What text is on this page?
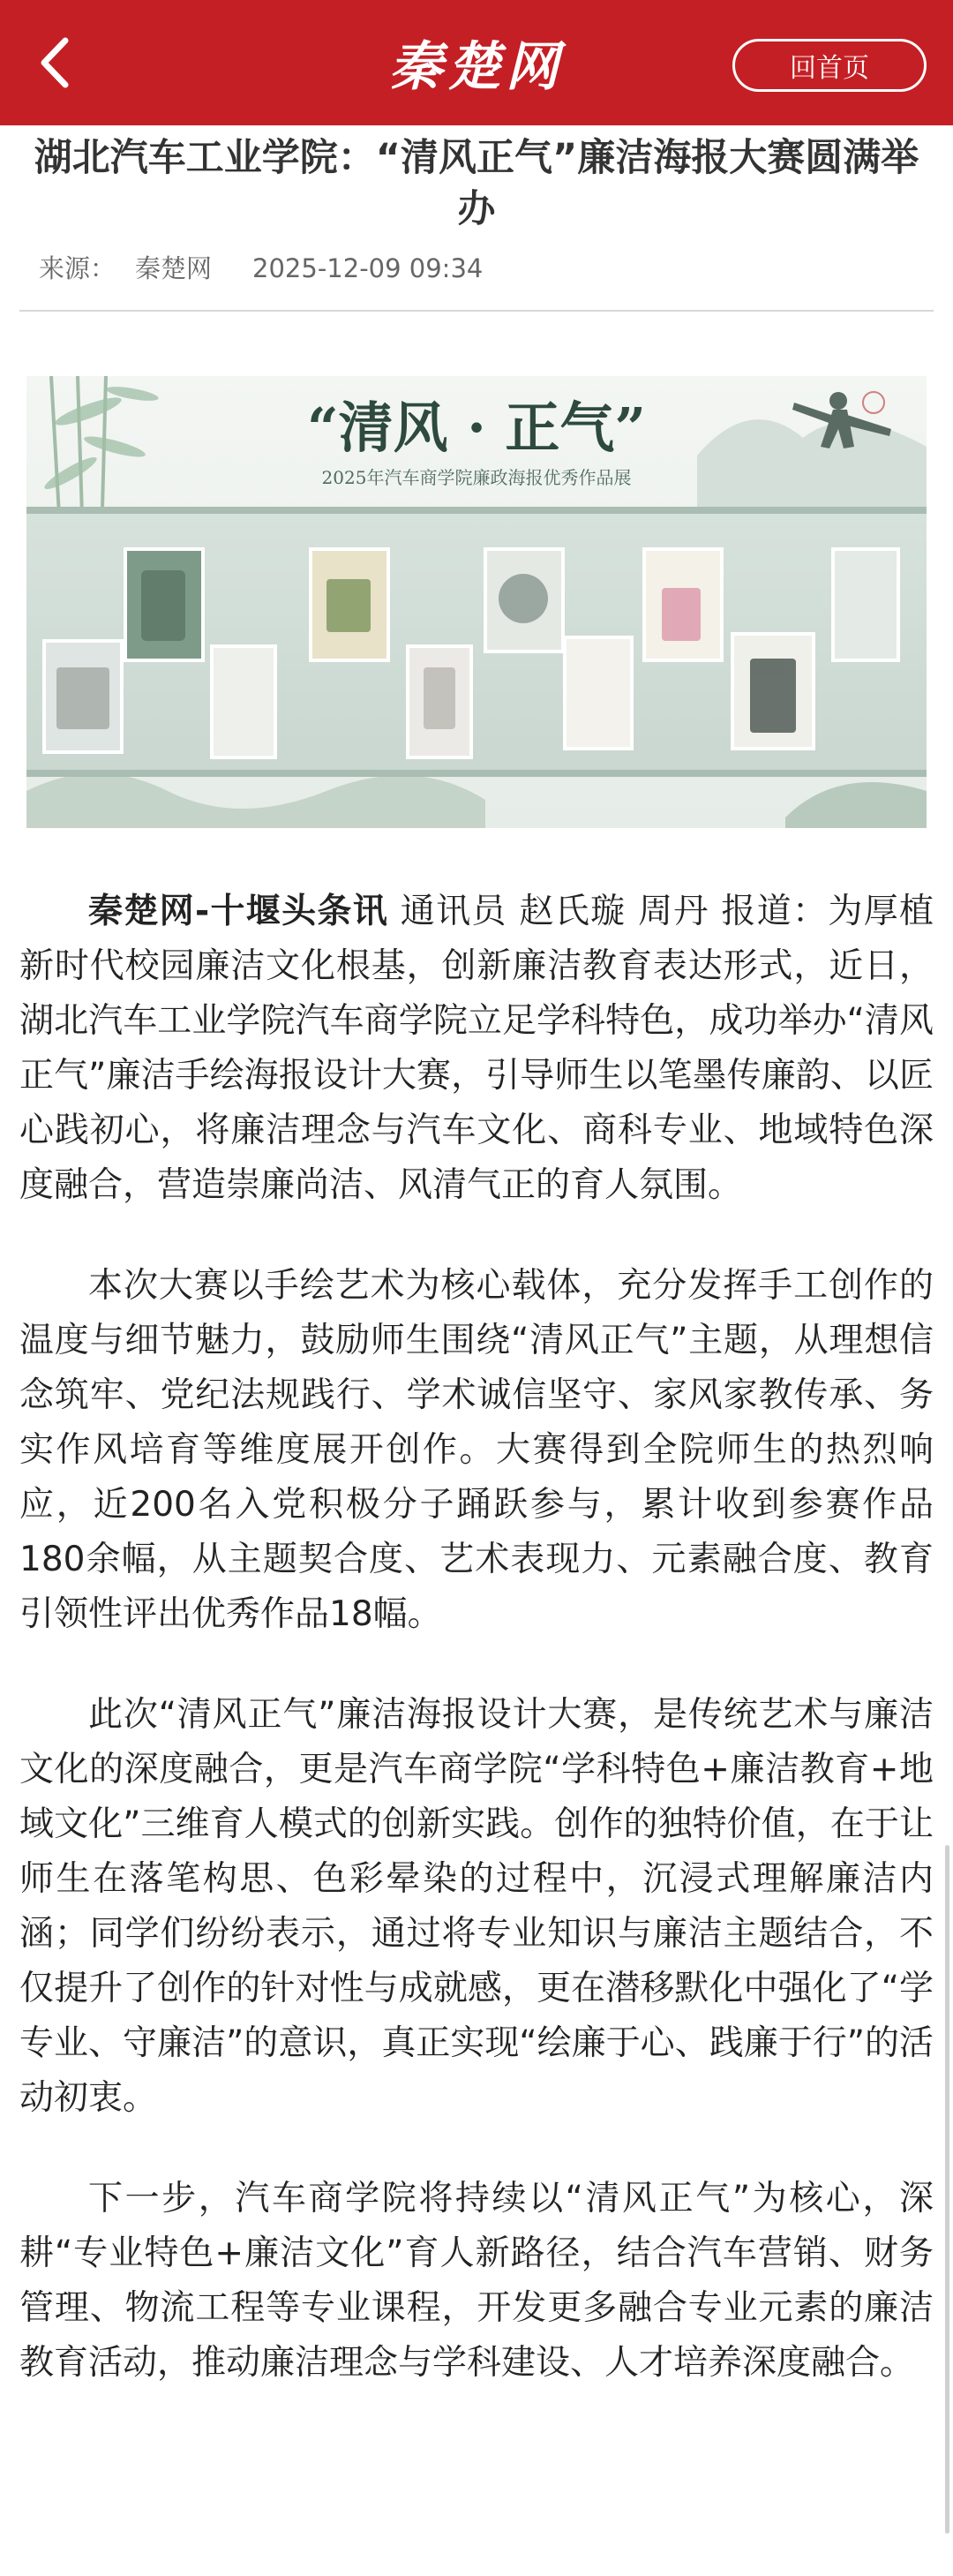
秦楚网	回首页
湖北汽车工业学院：“清风正气”廉洁海报大赛圆满举办
来源： 秦楚网 2025-12-09 09:34
“清风 · 正气”
2025年汽车商学院廉政海报优秀作品展

秦楚网-十堰头条讯 通讯员 赵氏璇 周丹 报道：为厚植新时代校园廉洁文化根基，创新廉洁教育表达形式，近日，湖北汽车工业学院汽车商学院立足学科特色，成功举办“清风正气”廉洁手绘海报设计大赛，引导师生以笔墨传廉韵、以匠心践初心，将廉洁理念与汽车文化、商科专业、地域特色深度融合，营造崇廉尚洁、风清气正的育人氛围。

本次大赛以手绘艺术为核心载体，充分发挥手工创作的温度与细节魅力，鼓励师生围绕“清风正气”主题，从理想信念筑牢、党纪法规践行、学术诚信坚守、家风家教传承、务实作风培育等维度展开创作。大赛得到全院师生的热烈响应，近200名入党积极分子踊跃参与，累计收到参赛作品180余幅，从主题契合度、艺术表现力、元素融合度、教育引领性评出优秀作品18幅。

此次“清风正气”廉洁海报设计大赛，是传统艺术与廉洁文化的深度融合，更是汽车商学院“学科特色+廉洁教育+地域文化”三维育人模式的创新实践。创作的独特价值，在于让师生在落笔构思、色彩晕染的过程中，沉浸式理解廉洁内涵；同学们纷纷表示，通过将专业知识与廉洁主题结合，不仅提升了创作的针对性与成就感，更在潜移默化中强化了“学专业、守廉洁”的意识，真正实现“绘廉于心、践廉于行”的活动初衷。

下一步，汽车商学院将持续以“清风正气”为核心，深耕“专业特色+廉洁文化”育人新路径，结合汽车营销、财务管理、物流工程等专业课程，开发更多融合专业元素的廉洁教育活动，推动廉洁理念与学科建设、人才培养深度融合。
